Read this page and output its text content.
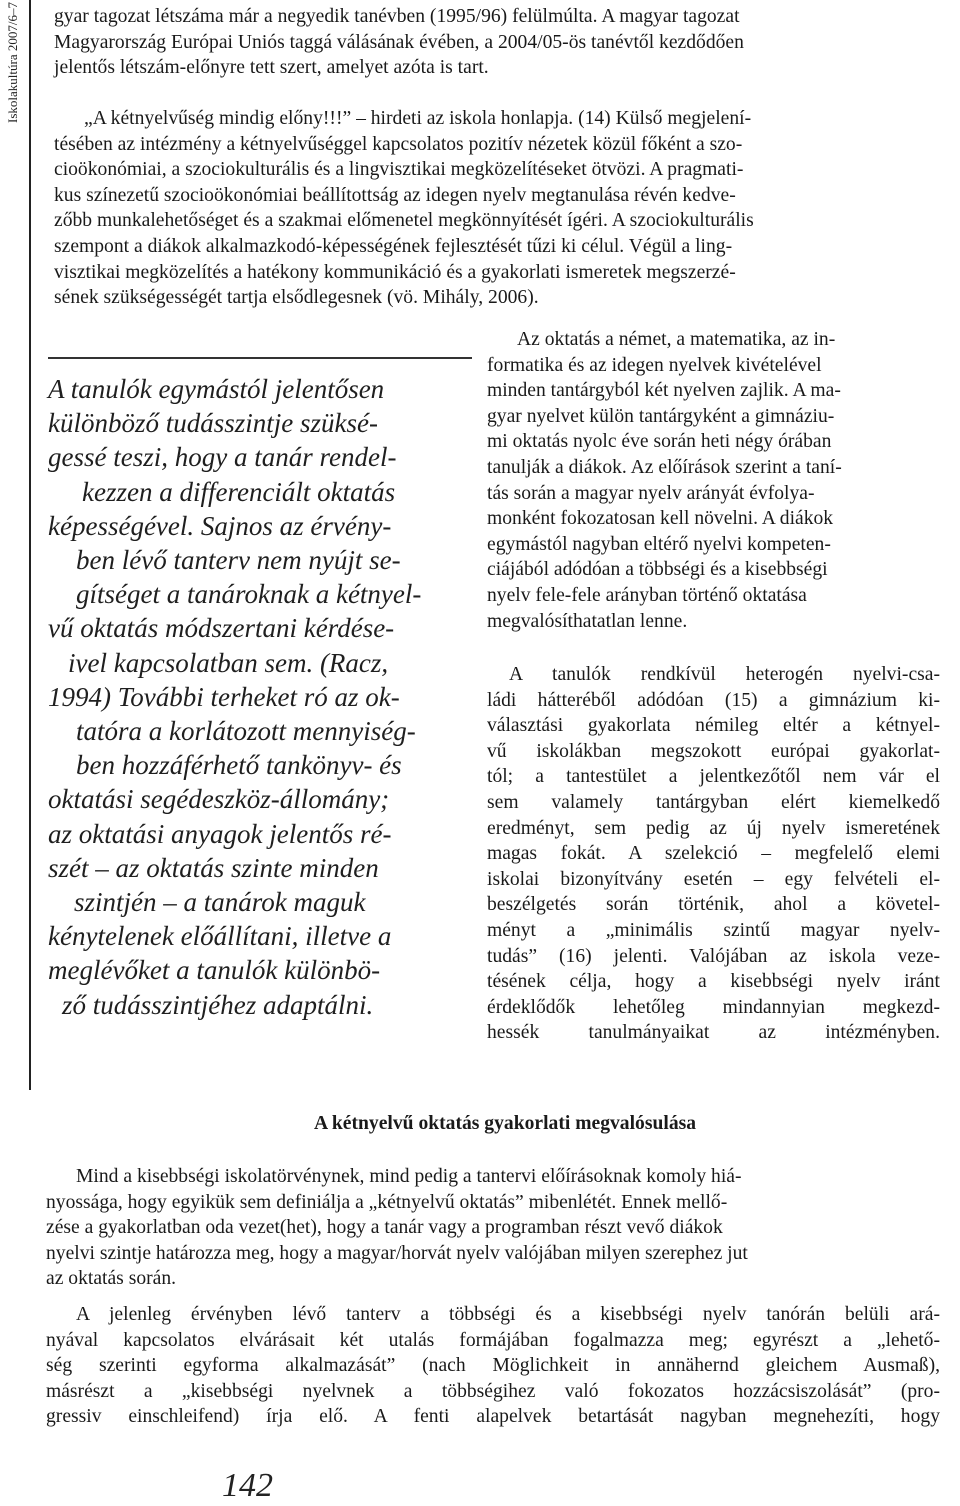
Iskolakultúra 2007/6–7	gyar tagozat létszáma már a negyedik tanévben (1995/96) felülmúlta. A magyar tagozat
Magyarország Európai Uniós taggá válásának évében, a 2004/05-ös tanévtől kezdődően
jelentős létszám-előnyre tett szert, amelyet azóta is tart.

„A kétnyelvűség mindig előny!!!” – hirdeti az iskola honlapja. (14) Külső megjelení-
tésében az intézmény a kétnyelvűséggel kapcsolatos pozitív nézetek közül főként a szo-
cioökonómiai, a szociokulturális és a lingvisztikai megközelítéseket ötvözi. A pragmati-
kus színezetű szocioökonómiai beállítottság az idegen nyelv megtanulása révén kedve-
zőbb munkalehetőséget és a szakmai előmenetel megkönnyítését ígéri. A szociokulturális
szempont a diákok alkalmazkodó-képességének fejlesztését tűzi ki célul. Végül a ling-
visztikai megközelítés a hatékony kommunikáció és a gyakorlati ismeretek megszerzé-
sének szükségességét tartja elsődlegesnek (vö. Mihály, 2006).

A tanulók egymástól jelentősen
különböző tudásszintje szüksé-
gessé teszi, hogy a tanár rendel-
kezzen a differenciált oktatás
képességével. Sajnos az érvény-
ben lévő tanterv nem nyújt se-
gítséget a tanároknak a kétnyel-
vű oktatás módszertani kérdése-
ivel kapcsolatban sem. (Racz,
1994) További terheket ró az ok-
tatóra a korlátozott mennyiség-
ben hozzáférhető tankönyv- és
oktatási segédeszköz-állomány;
az oktatási anyagok jelentős ré-
szét – az oktatás szinte minden
szintjén – a tanárok maguk
kénytelenek előállítani, illetve a
meglévőket a tanulók különbö-
ző tudásszintjéhez adaptálni.

Az oktatás a német, a matematika, az in-
formatika és az idegen nyelvek kivételével
minden tantárgyból két nyelven zajlik. A ma-
gyar nyelvet külön tantárgyként a gimnáziu-
mi oktatás nyolc éve során heti négy órában
tanulják a diákok. Az előírások szerint a taní-
tás során a magyar nyelv arányát évfolya-
monként fokozatosan kell növelni. A diákok
egymástól nagyban eltérő nyelvi kompeten-
ciájából adódóan a többségi és a kisebbségi
nyelv fele-fele arányban történő oktatása
megvalósíthatatlan lenne.

A tanulók rendkívül heterogén nyelvi-csa-
ládi hátteréből adódóan (15) a gimnázium ki-
választási gyakorlata némileg eltér a kétnyel-
vű iskolákban megszokott európai gyakorlat-
tól; a tantestület a jelentkezőtől nem vár el
sem valamely tantárgyban elért kiemelkedő
eredményt, sem pedig az új nyelv ismeretének
magas fokát. A szelekció – megfelelő elemi
iskolai bizonyítvány esetén – egy felvételi el-
beszélgetés során történik, ahol a követel-
ményt a „minimális szintű magyar nyelv-
tudás” (16) jelenti. Valójában az iskola veze-
tésének célja, hogy a kisebbségi nyelv iránt
érdeklődők lehetőleg mindannyian megkezd-
hessék tanulmányaikat az intézményben.

A kétnyelvű oktatás gyakorlati megvalósulása

Mind a kisebbségi iskolatörvénynek, mind pedig a tantervi előírásoknak komoly hiá-
nyossága, hogy egyikük sem definiálja a „kétnyelvű oktatás” mibenlétét. Ennek mellő-
zése a gyakorlatban oda vezet(het), hogy a tanár vagy a programban részt vevő diákok
nyelvi szintje határozza meg, hogy a magyar/horvát nyelv valójában milyen szerephez jut
az oktatás során.

A jelenleg érvényben lévő tanterv a többségi és a kisebbségi nyelv tanórán belüli ará-
nyával kapcsolatos elvárásait két utalás formájában fogalmazza meg; egyrészt a „lehető-
ség szerinti egyforma alkalmazását” (nach Möglichkeit in annähernd gleichem Ausmaß),
másrészt a „kisebbségi nyelvnek a többségihez való fokozatos hozzácsiszolását” (pro-
gressiv einschleifend) írja elő. A fenti alapelvek betartását nagyban megnehezíti, hogy

142
